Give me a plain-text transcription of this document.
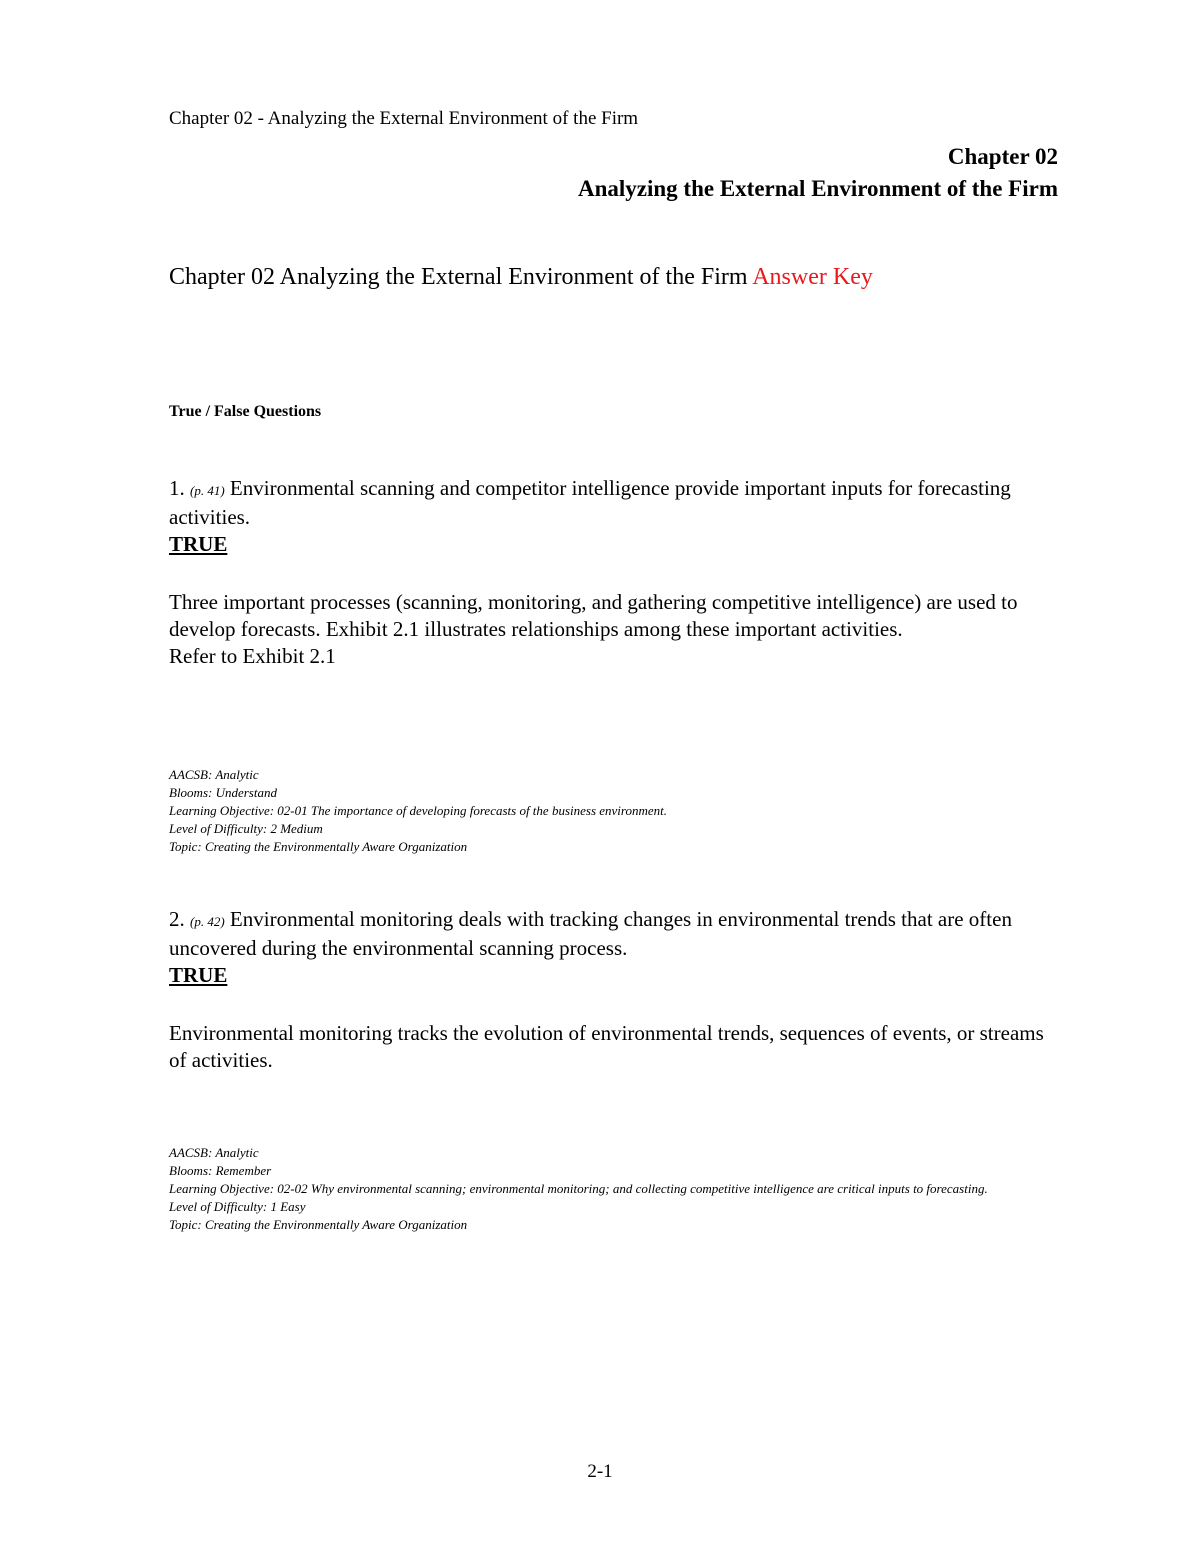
Chapter 02 - Analyzing the External Environment of the Firm
Chapter 02
Analyzing the External Environment of the Firm
Chapter 02 Analyzing the External Environment of the Firm Answer Key
True / False Questions

1. (p. 41) Environmental scanning and competitor intelligence provide important inputs for forecasting activities.

TRUE

Three important processes (scanning, monitoring, and gathering competitive intelligence) are used to develop forecasts. Exhibit 2.1 illustrates relationships among these important activities.

Refer to Exhibit 2.1

AACSB: Analytic
Blooms: Understand
Learning Objective: 02-01 The importance of developing forecasts of the business environment.
Level of Difficulty: 2 Medium
Topic: Creating the Environmentally Aware Organization

2. (p. 42) Environmental monitoring deals with tracking changes in environmental trends that are often uncovered during the environmental scanning process.

TRUE

Environmental monitoring tracks the evolution of environmental trends, sequences of events, or streams of activities.

AACSB: Analytic
Blooms: Remember
Learning Objective: 02-02 Why environmental scanning; environmental monitoring; and collecting competitive intelligence are critical inputs to forecasting.
Level of Difficulty: 1 Easy
Topic: Creating the Environmentally Aware Organization
2-1
